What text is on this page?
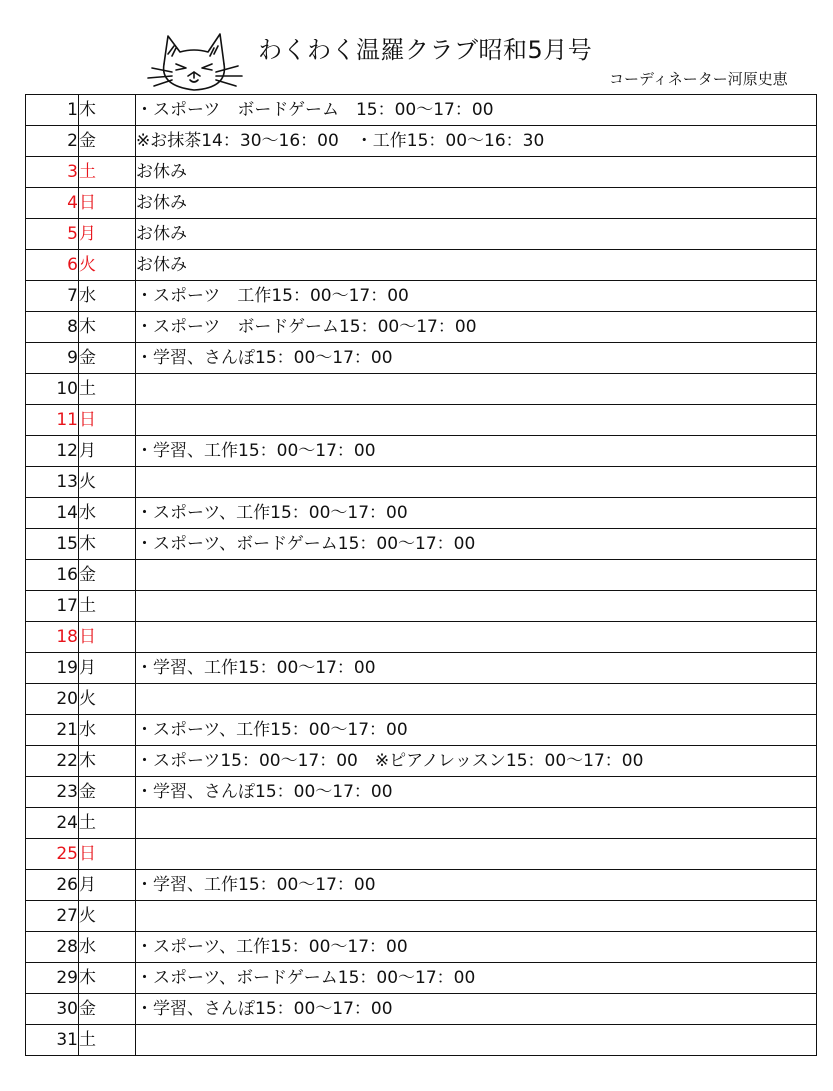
わくわく温羅クラブ昭和5月号
コーディネーター河原史恵
1	木	・スポーツ　ボードゲーム　15：00～17：00
2	金	※お抹茶14：30～16：00　・工作15：00～16：30
3	土	お休み
4	日	お休み
5	月	お休み
6	火	お休み
7	水	・スポーツ　工作15：00～17：00
8	木	・スポーツ　ボードゲーム15：00～17：00
9	金	・学習、さんぽ15：00～17：00
10	土	
11	日	
12	月	・学習、工作15：00～17：00
13	火	
14	水	・スポーツ、工作15：00～17：00
15	木	・スポーツ、ボードゲーム15：00～17：00
16	金	
17	土	
18	日	
19	月	・学習、工作15：00～17：00
20	火	
21	水	・スポーツ、工作15：00～17：00
22	木	・スポーツ15：00～17：00　※ピアノレッスン15：00～17：00
23	金	・学習、さんぽ15：00～17：00
24	土	
25	日	
26	月	・学習、工作15：00～17：00
27	火	
28	水	・スポーツ、工作15：00～17：00
29	木	・スポーツ、ボードゲーム15：00～17：00
30	金	・学習、さんぽ15：00～17：00
31	土	
